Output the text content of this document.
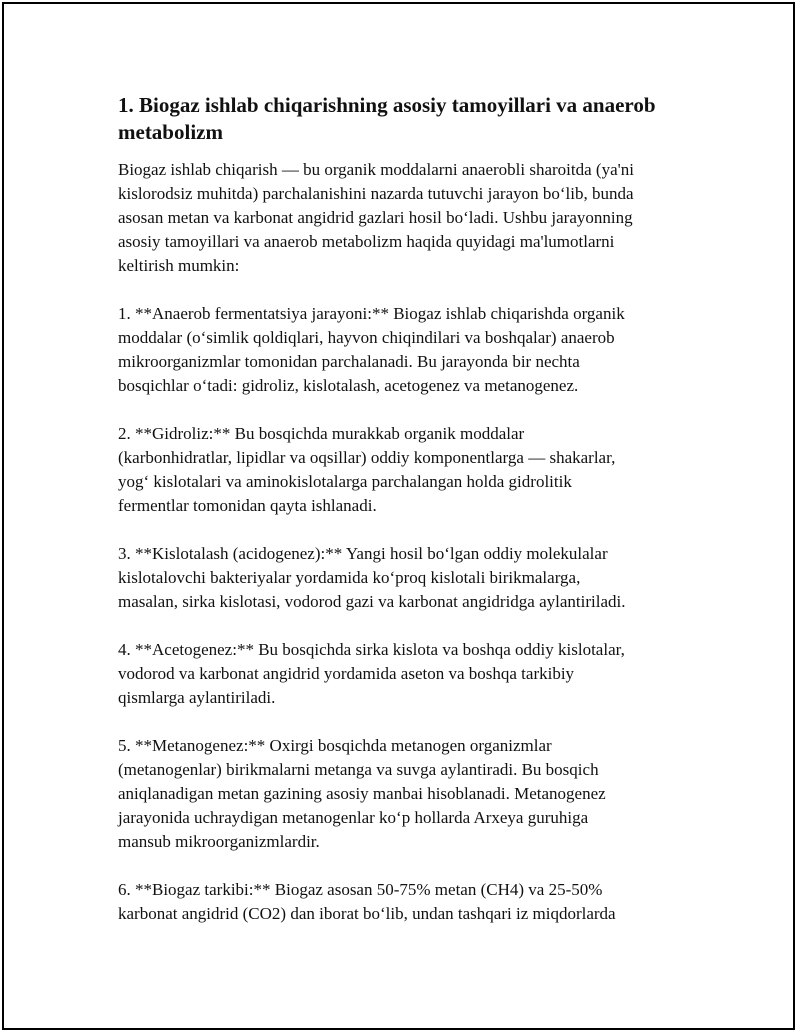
1. Biogaz ishlab chiqarishning asosiy tamoyillari va anaerob
metabolizm

Biogaz ishlab chiqarish — bu organik moddalarni anaerobli sharoitda (ya'ni
kislorodsiz muhitda) parchalanishini nazarda tutuvchi jarayon bo‘lib, bunda
asosan metan va karbonat angidrid gazlari hosil bo‘ladi. Ushbu jarayonning
asosiy tamoyillari va anaerob metabolizm haqida quyidagi ma'lumotlarni
keltirish mumkin:

1. **Anaerob fermentatsiya jarayoni:** Biogaz ishlab chiqarishda organik
moddalar (o‘simlik qoldiqlari, hayvon chiqindilari va boshqalar) anaerob
mikroorganizmlar tomonidan parchalanadi. Bu jarayonda bir nechta
bosqichlar o‘tadi: gidroliz, kislotalash, acetogenez va metanogenez.

2. **Gidroliz:** Bu bosqichda murakkab organik moddalar
(karbonhidratlar, lipidlar va oqsillar) oddiy komponentlarga — shakarlar,
yog‘ kislotalari va aminokislotalarga parchalangan holda gidrolitik
fermentlar tomonidan qayta ishlanadi.

3. **Kislotalash (acidogenez):** Yangi hosil bo‘lgan oddiy molekulalar
kislotalovchi bakteriyalar yordamida ko‘proq kislotali birikmalarga,
masalan, sirka kislotasi, vodorod gazi va karbonat angidridga aylantiriladi.

4. **Acetogenez:** Bu bosqichda sirka kislota va boshqa oddiy kislotalar,
vodorod va karbonat angidrid yordamida aseton va boshqa tarkibiy
qismlarga aylantiriladi.

5. **Metanogenez:** Oxirgi bosqichda metanogen organizmlar
(metanogenlar) birikmalarni metanga va suvga aylantiradi. Bu bosqich
aniqlanadigan metan gazining asosiy manbai hisoblanadi. Metanogenez
jarayonida uchraydigan metanogenlar ko‘p hollarda Arxeya guruhiga
mansub mikroorganizmlardir.

6. **Biogaz tarkibi:** Biogaz asosan 50-75% metan (CH4) va 25-50%
karbonat angidrid (CO2) dan iborat bo‘lib, undan tashqari iz miqdorlarda
